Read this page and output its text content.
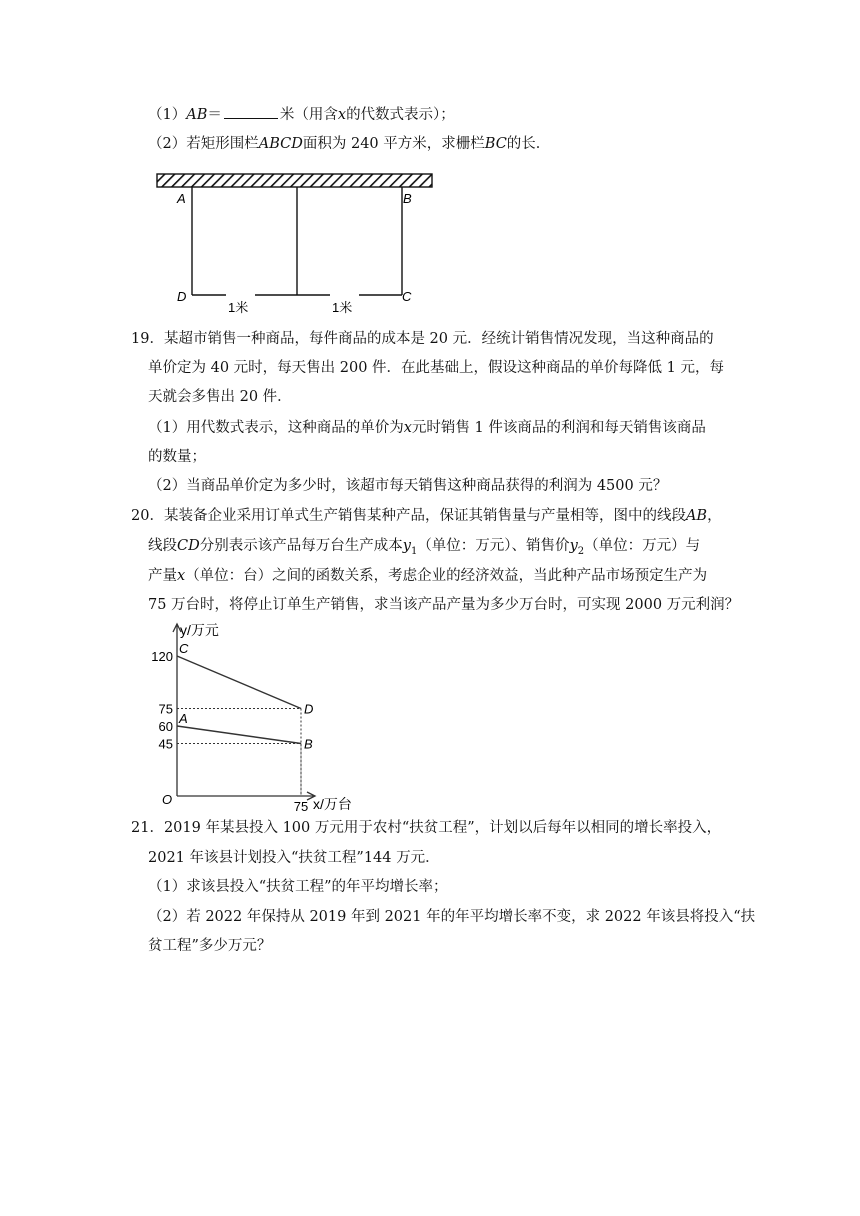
（1）AB＝	米（用含x的代数式表示）；
（2）若矩形围栏ABCD面积为 240 平方米，求栅栏BC的长．
A	B
C
D
1米	1米
19．某超市销售一种商品，每件商品的成本是 20 元．经统计销售情况发现，当这种商品的
单价定为 40 元时，每天售出 200 件．在此基础上，假设这种商品的单价每降低 1 元，每
天就会多售出 20 件．
（1）用代数式表示，这种商品的单价为x元时销售 1 件该商品的利润和每天销售该商品
的数量；
（2）当商品单价定为多少时，该超市每天销售这种商品获得的利润为 4500 元？
20．某装备企业采用订单式生产销售某种产品，保证其销售量与产量相等，图中的线段AB，
线段CD分别表示该产品每万台生产成本$y_1$（单位：万元）、销售价$y_2$（单位：万元）与
产量x（单位：台）之间的函数关系，考虑企业的经济效益，当此种产品市场预定生产为
75 万台时，将停止订单生产销售，求当该产品产量为多少万台时，可实现 2000 万元利润？
y/万元
x/万台
O
120
75
60
45
75
C
D
A
B
21．2019 年某县投入 100 万元用于农村“扶贫工程”，计划以后每年以相同的增长率投入，
2021 年该县计划投入“扶贫工程”144 万元．
（1）求该县投入“扶贫工程”的年平均增长率；
（2）若 2022 年保持从 2019 年到 2021 年的年平均增长率不变，求 2022 年该县将投入“扶
贫工程”多少万元？
